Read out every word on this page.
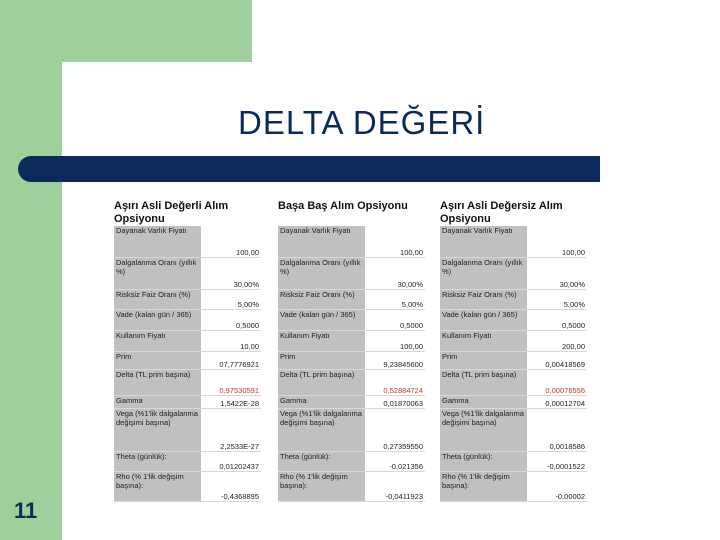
DELTA DEĞERİ
11
Aşırı Asli Değerli Alım Opsiyonu
Dayanak Varlık Fiyatı
100,00
Dalgalanma Oranı (yıllık %)
30,00%
Risksiz Faiz Oranı (%)
5,00%
Vade (kalan gün / 365)
0,5000
Kullanım Fiyatı
10,00
Prim
07,7776921
Delta (TL prim başına)
0,97530591
Gamma	1,5422E-28
Vega (%1'lik dalgalanma değişimi başına)
2,2533E-27
Theta (günlük):
0,01202437
Rho (% 1'lik değişim başına):
-0,4368895
Başa Baş Alım Opsiyonu
Dayanak Varlık Fiyatı
100,00
Dalgalanma Oranı (yıllık %)
30,00%
Risksiz Faiz Oranı (%)
5,00%
Vade (kalan gün / 365)
0,5000
Kullanım Fiyatı
100,00
Prim
9,23845600
Delta (TL prim başına)
0,52884724
Gamma	0,01870063
Vega (%1'lik dalgalanma değişimi başına)
0,27359550
Theta (günlük):
-0,021356
Rho (% 1'lik değişim başına):
-0,0411923
Aşırı Asli Değersiz Alım Opsiyonu
Dayanak Varlık Fiyatı
100,00
Dalgalanma Oranı (yıllık %)
30,00%
Risksiz Faiz Oranı (%)
5,00%
Vade (kalan gün / 365)
0,5000
Kullanım Fiyatı
200,00
Prim
0,00418569
Delta (TL prim başına)
0,00076556
Gamma	0,00012704
Vega (%1'lik dalgalanma değişimi başına)
0,0018586
Theta (günlük):
-0,0001522
Rho (% 1'lik değişim başına):
-0,00002
